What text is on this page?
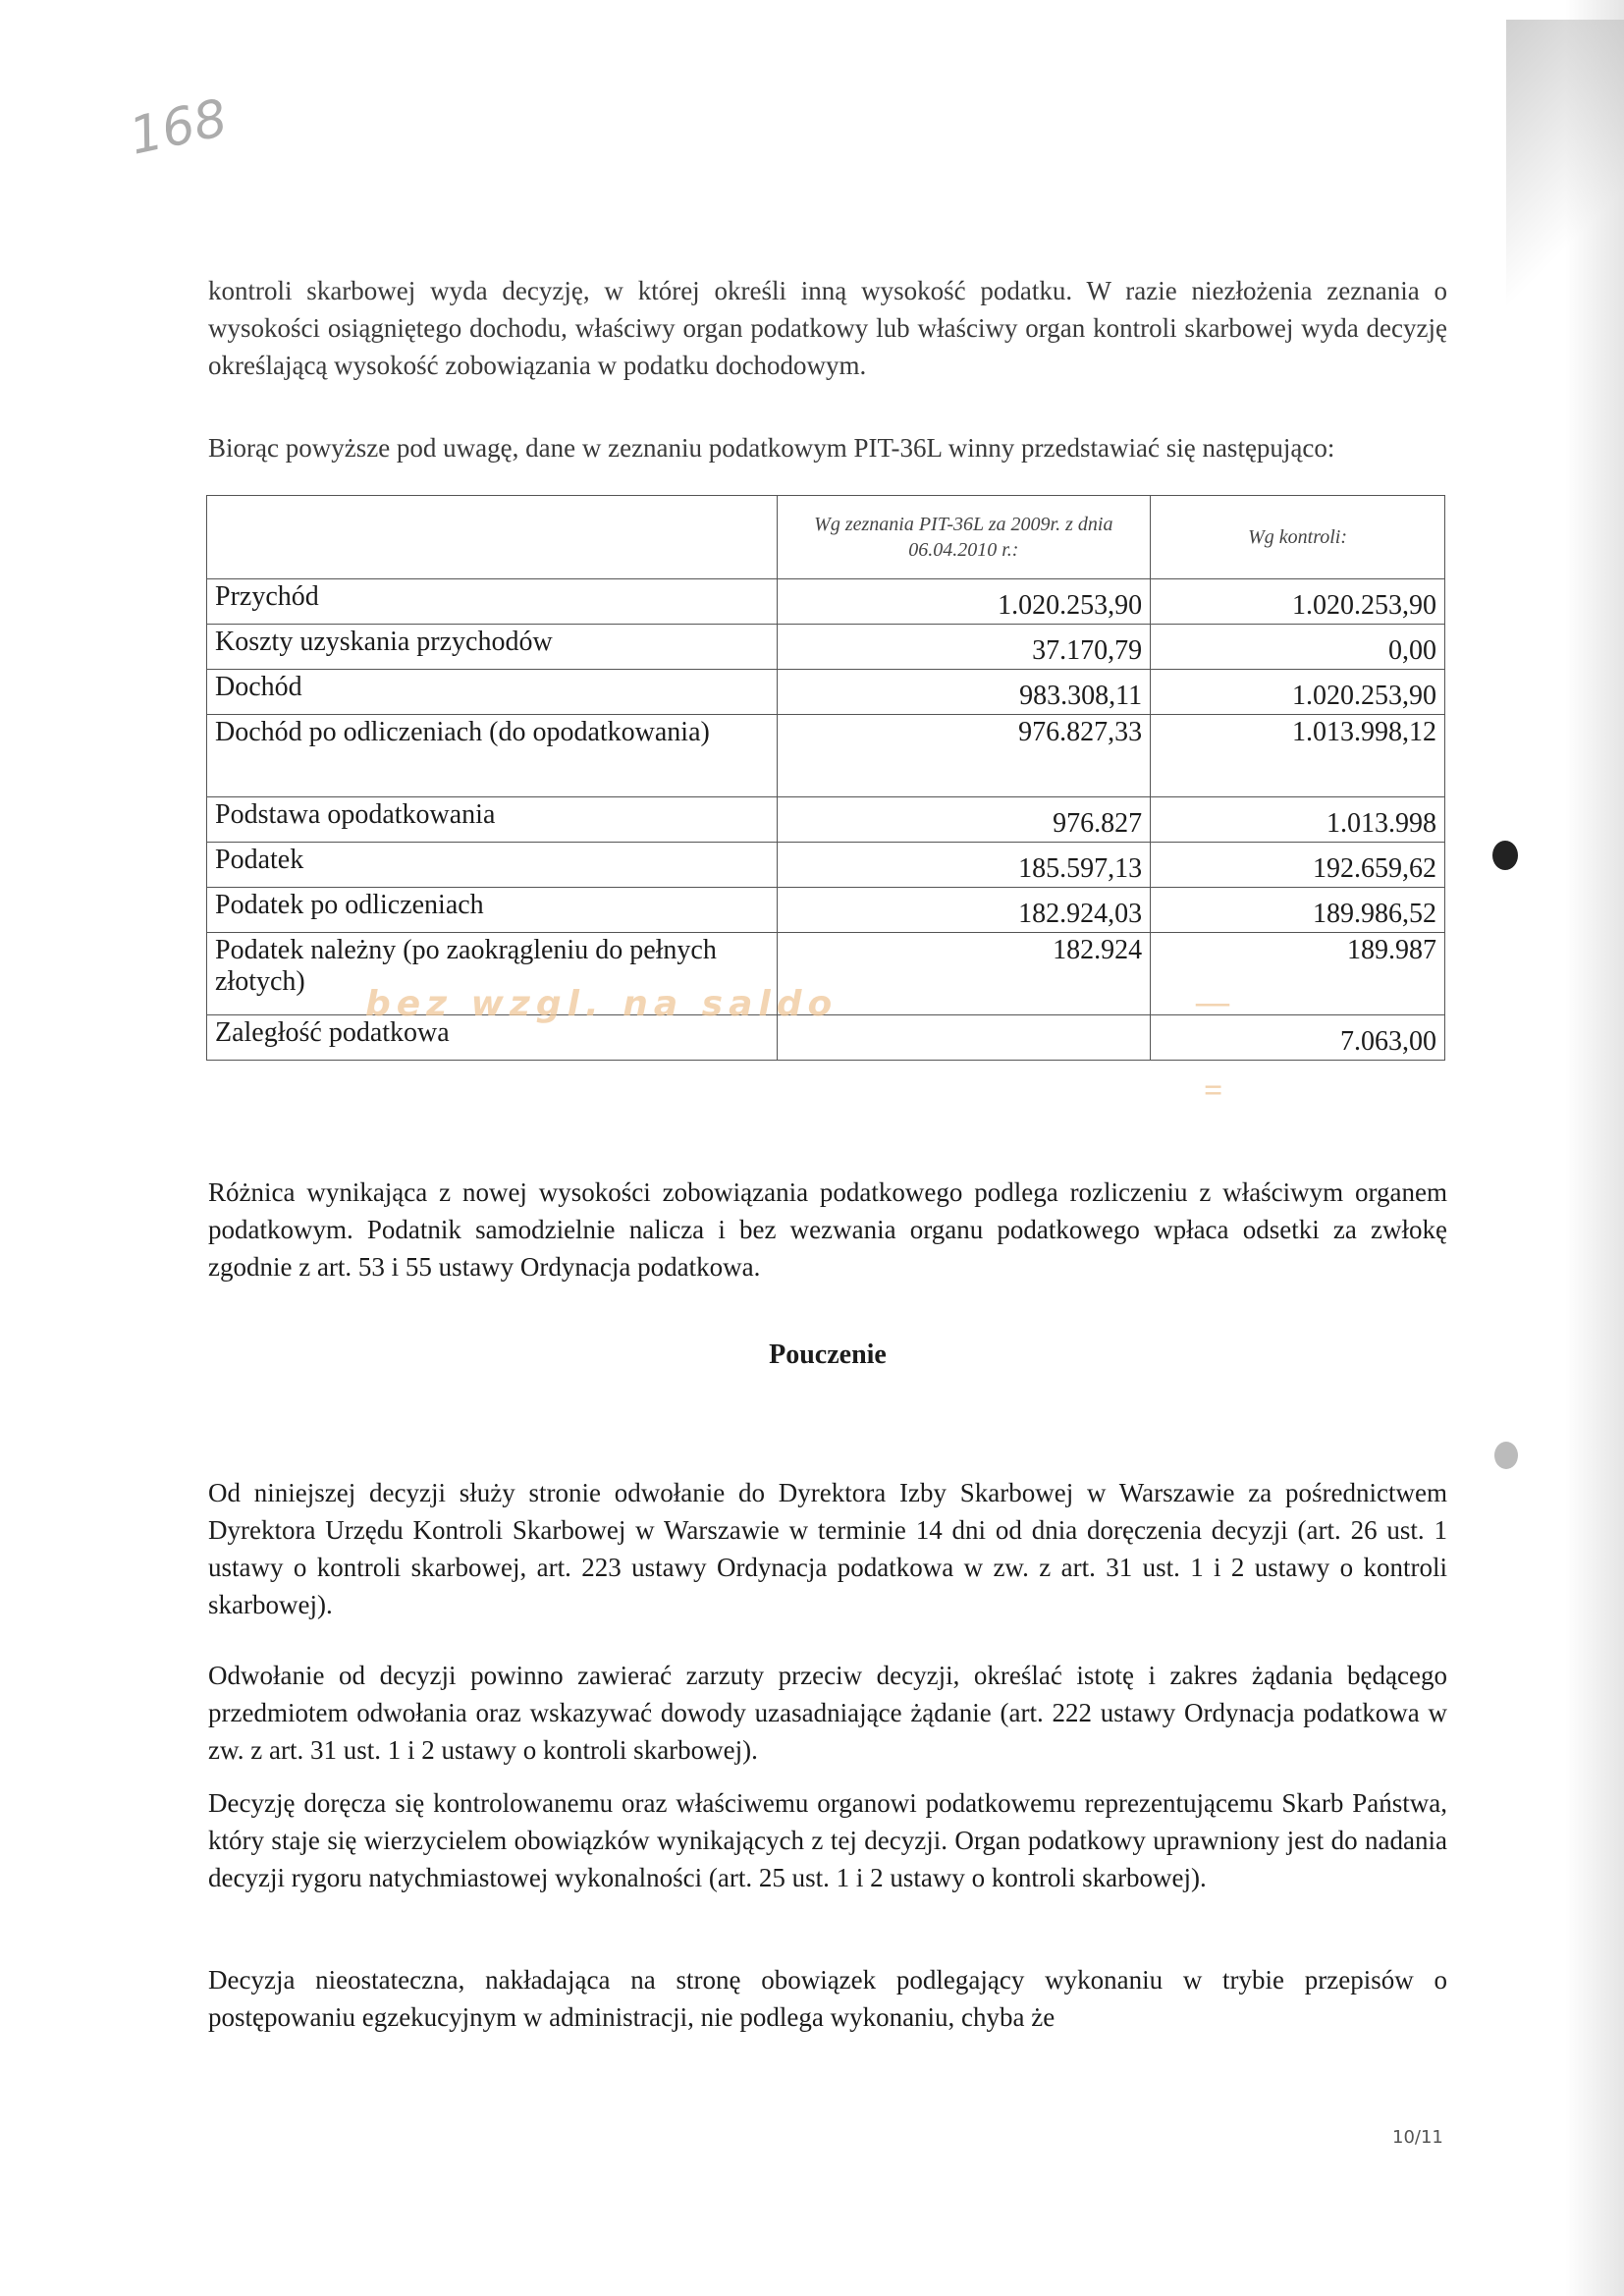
168

kontroli skarbowej wyda decyzję, w której określi inną wysokość podatku. W razie niezłożenia zeznania o wysokości osiągniętego dochodu, właściwy organ podatkowy lub właściwy organ kontroli skarbowej wyda decyzję określającą wysokość zobowiązania w podatku dochodowym.

Biorąc powyższe pod uwagę, dane w zeznaniu podatkowym PIT-36L winny przedstawiać się następująco:

	Wg zeznania PIT-36L za 2009r. z dnia 06.04.2010 r.:	Wg kontroli:
Przychód	1.020.253,90	1.020.253,90
Koszty uzyskania przychodów	37.170,79	0,00
Dochód	983.308,11	1.020.253,90
Dochód po odliczeniach (do opodatkowania)	976.827,33	1.013.998,12
Podstawa opodatkowania	976.827	1.013.998
Podatek	185.597,13	192.659,62
Podatek po odliczeniach	182.924,03	189.986,52
Podatek należny (po zaokrągleniu do pełnych złotych)	182.924	189.987
Zaległość podatkowa		7.063,00
bez wzgl. na saldo	—
=

Różnica wynikająca z nowej wysokości zobowiązania podatkowego podlega rozliczeniu z właściwym organem podatkowym. Podatnik samodzielnie nalicza i bez wezwania organu podatkowego wpłaca odsetki za zwłokę zgodnie z art. 53 i 55 ustawy Ordynacja podatkowa.

Pouczenie

Od niniejszej decyzji służy stronie odwołanie do Dyrektora Izby Skarbowej w Warszawie za pośrednictwem Dyrektora Urzędu Kontroli Skarbowej w Warszawie w terminie 14 dni od dnia doręczenia decyzji (art. 26 ust. 1 ustawy o kontroli skarbowej, art. 223 ustawy Ordynacja podatkowa w zw. z art. 31 ust. 1 i 2 ustawy o kontroli skarbowej).

Odwołanie od decyzji powinno zawierać zarzuty przeciw decyzji, określać istotę i zakres żądania będącego przedmiotem odwołania oraz wskazywać dowody uzasadniające żądanie (art. 222 ustawy Ordynacja podatkowa w zw. z art. 31 ust. 1 i 2 ustawy o kontroli skarbowej).

Decyzję doręcza się kontrolowanemu oraz właściwemu organowi podatkowemu reprezentującemu Skarb Państwa, który staje się wierzycielem obowiązków wynikających z tej decyzji. Organ podatkowy uprawniony jest do nadania decyzji rygoru natychmiastowej wykonalności (art. 25 ust. 1 i 2 ustawy o kontroli skarbowej).

Decyzja nieostateczna, nakładająca na stronę obowiązek podlegający wykonaniu w trybie przepisów o postępowaniu egzekucyjnym w administracji, nie podlega wykonaniu, chyba że

10/11
